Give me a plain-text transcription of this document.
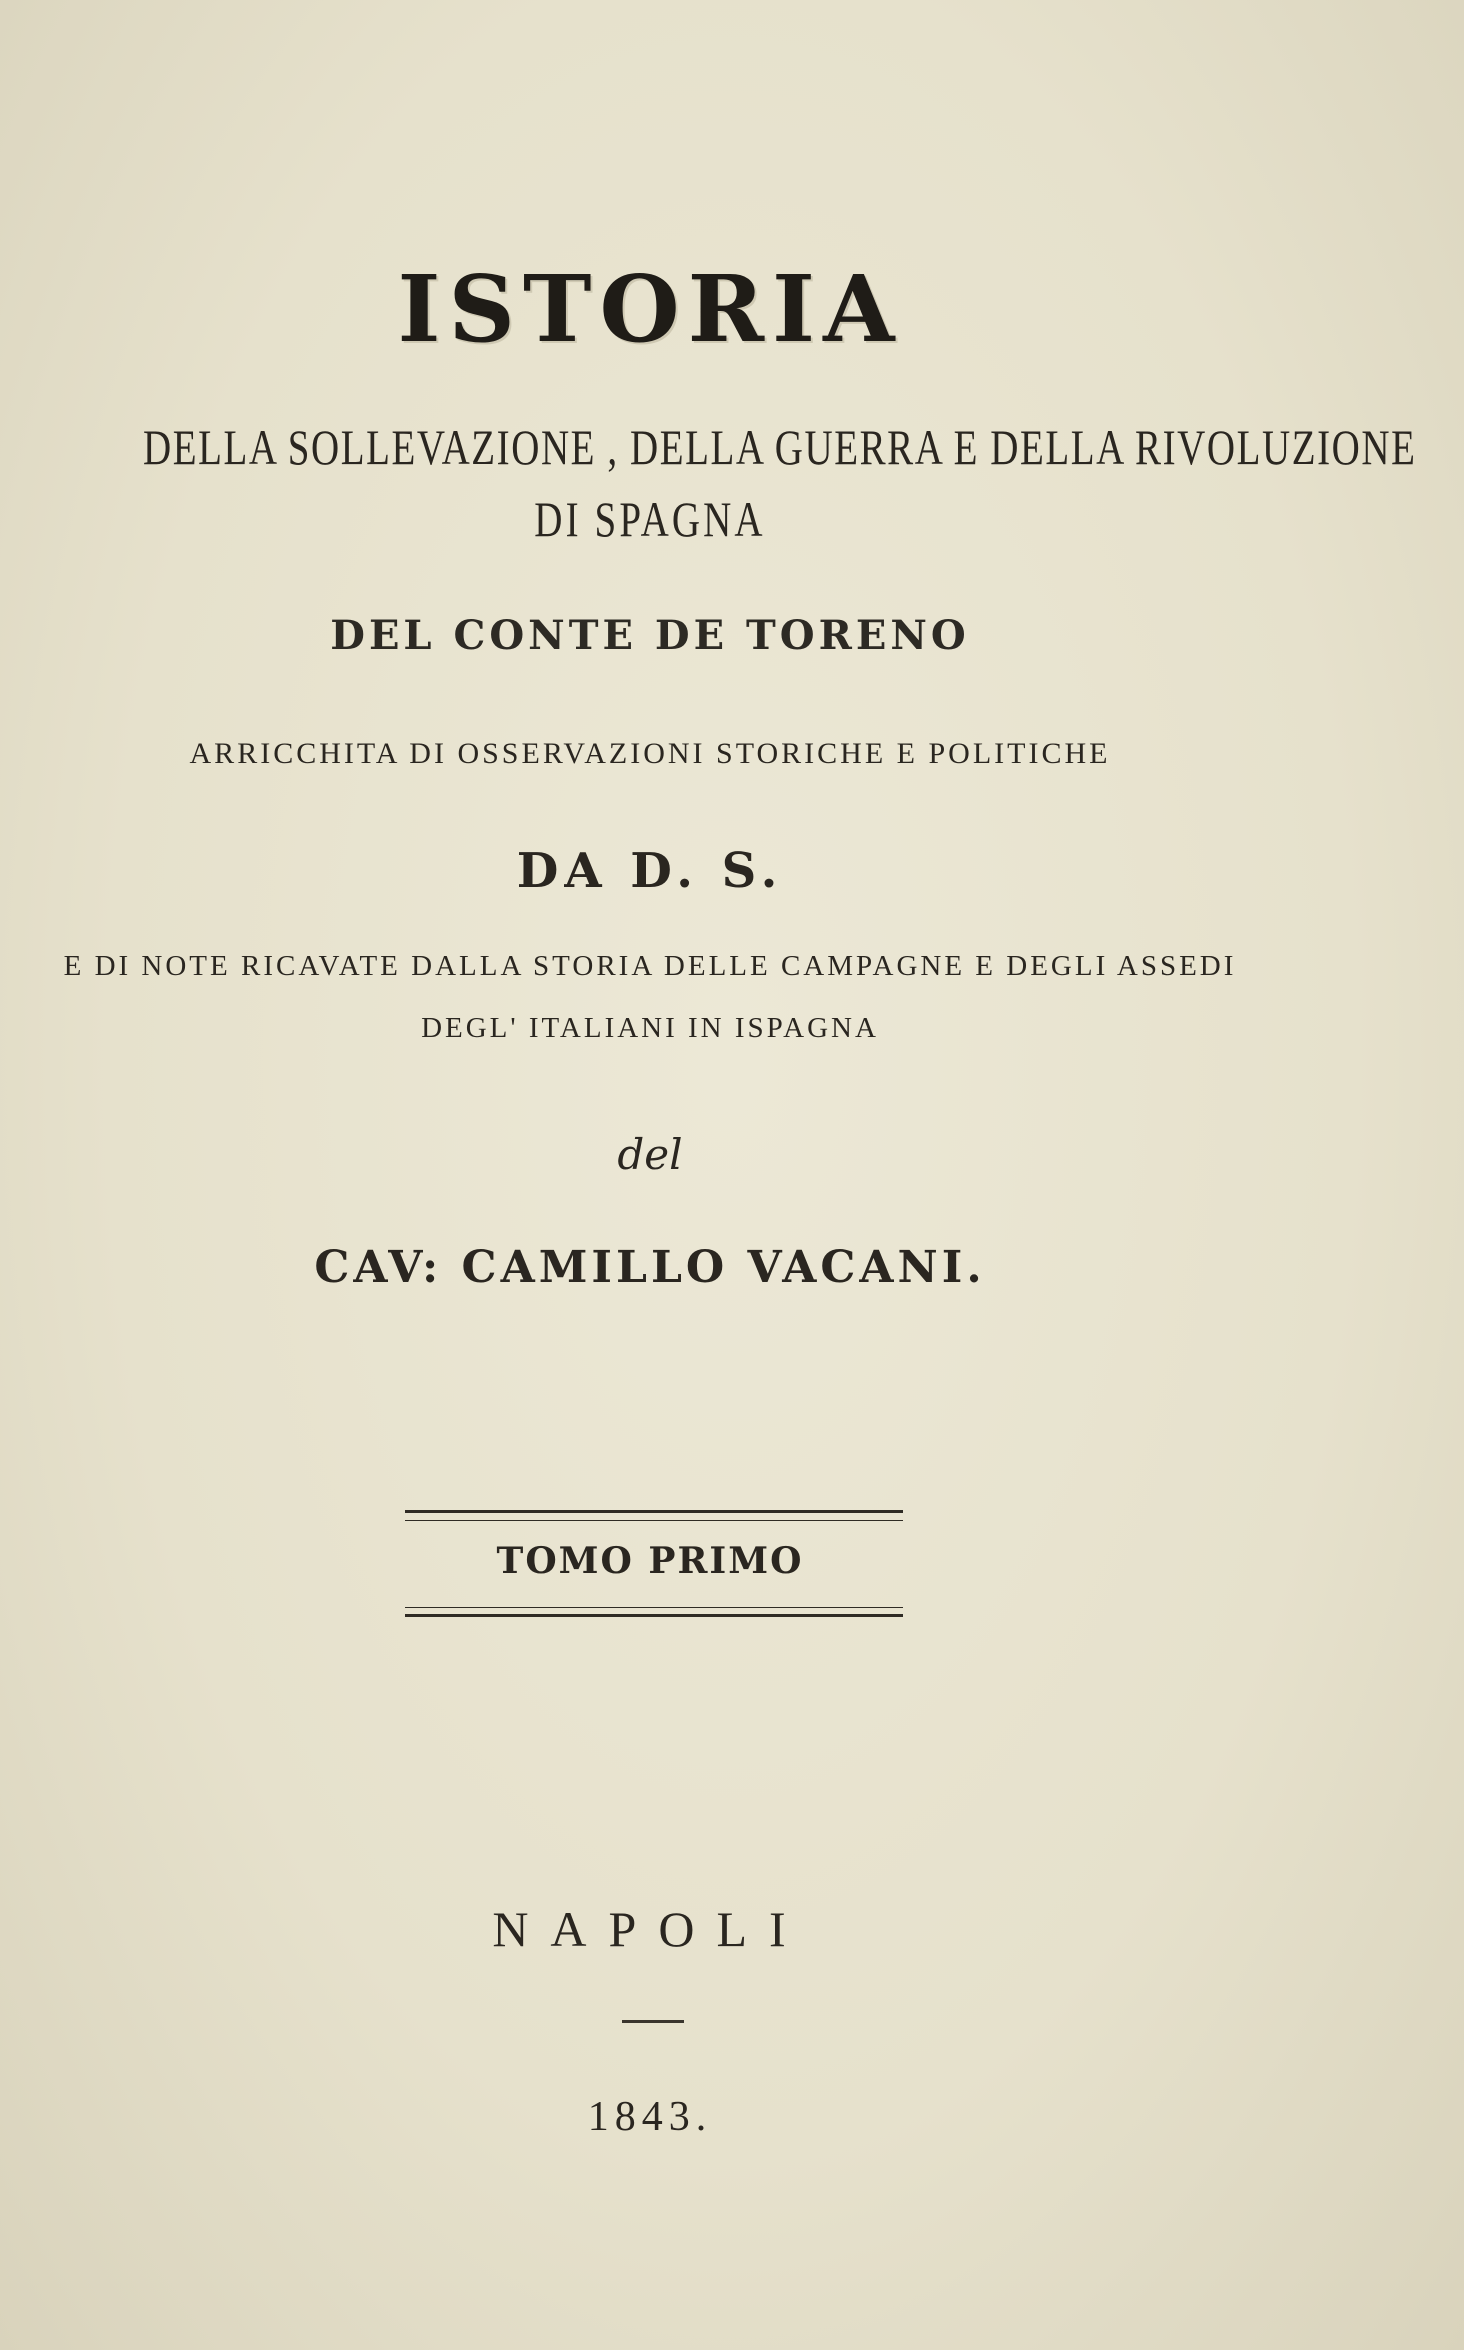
ISTORIA
DELLA SOLLEVAZIONE , DELLA GUERRA E DELLA RIVOLUZIONE
DI SPAGNA
DEL CONTE DE TORENO
ARRICCHITA DI OSSERVAZIONI STORICHE E POLITICHE
DA D. S.
E DI NOTE RICAVATE DALLA STORIA DELLE CAMPAGNE E DEGLI ASSEDI
DEGL' ITALIANI IN ISPAGNA
del
CAV: CAMILLO VACANI.
TOMO PRIMO
NAPOLI
1843.
